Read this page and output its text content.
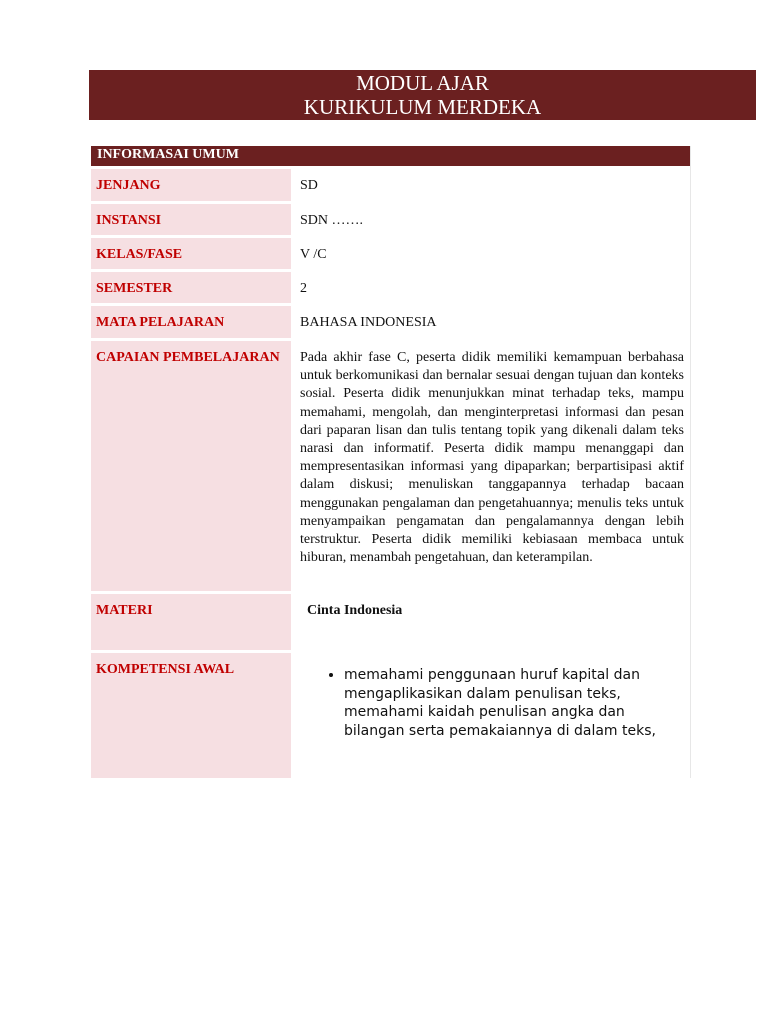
MODUL AJAR
KURIKULUM MERDEKA
INFORMASAI UMUM
JENJANG	SD
INSTANSI	SDN …….
KELAS/FASE	V /C
SEMESTER	2
MATA PELAJARAN	BAHASA INDONESIA
CAPAIAN PEMBELAJARAN	Pada akhir fase C, peserta didik memiliki kemampuan berbahasa untuk berkomunikasi dan bernalar sesuai dengan tujuan dan konteks sosial. Peserta didik menunjukkan minat terhadap teks, mampu memahami, mengolah, dan menginterpretasi informasi dan pesan dari paparan lisan dan tulis tentang topik yang dikenali dalam teks narasi dan informatif. Peserta didik mampu menanggapi dan mempresentasikan informasi yang dipaparkan; berpartisipasi aktif dalam diskusi; menuliskan tanggapannya terhadap bacaan menggunakan pengalaman dan pengetahuannya; menulis teks untuk menyampaikan pengamatan dan pengalamannya dengan lebih terstruktur. Peserta didik memiliki kebiasaan membaca untuk hiburan, menambah pengetahuan, dan keterampilan.
MATERI	Cinta Indonesia
KOMPETENSI AWAL
•	memahami penggunaan huruf kapital dan mengaplikasikan dalam penulisan teks, memahami kaidah penulisan angka dan bilangan serta pemakaiannya di dalam teks,
